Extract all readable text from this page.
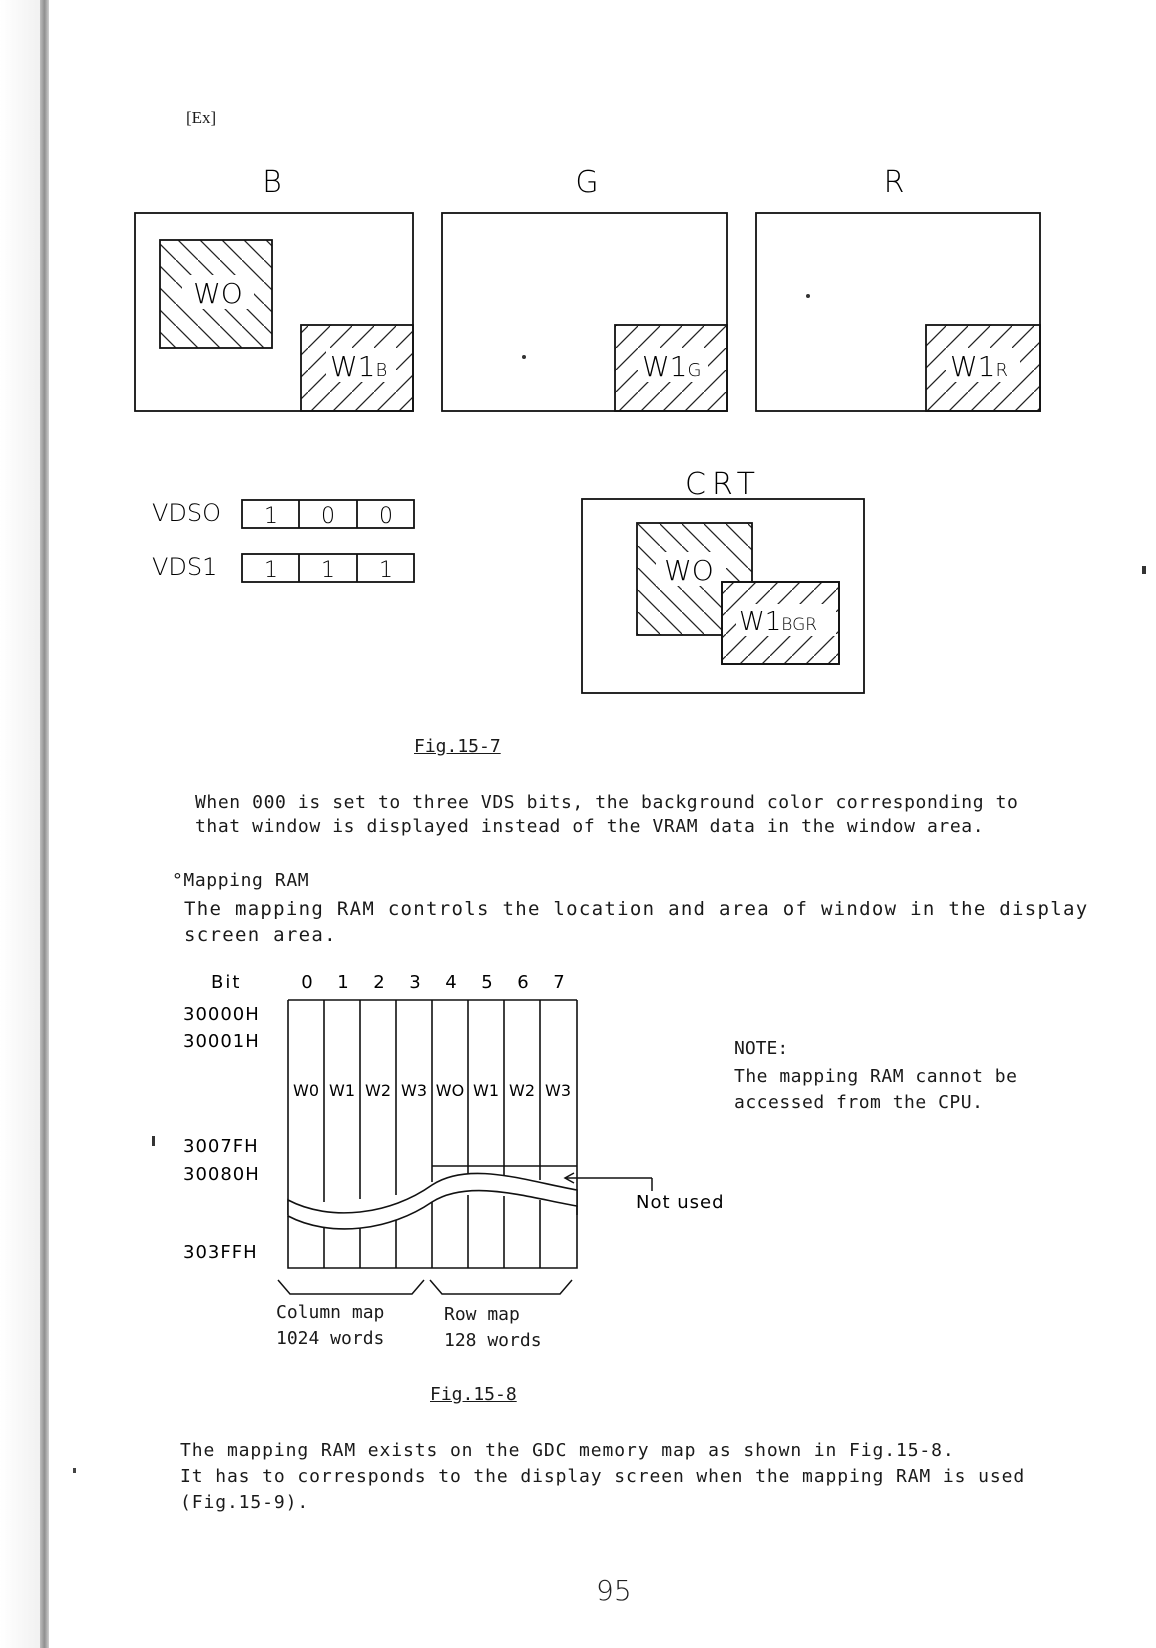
[Ex]
B	G	R
WO
W1B	W1G	W1R
VDSO 1 0 0
VDS1 1 1 1
CRT
WO
W1BGR
Fig.15-7
When 000 is set to three VDS bits, the background color corresponding to
that window is displayed instead of the VRAM data in the window area.
°Mapping RAM
The mapping RAM controls the location and area of window in the display
screen area.
Bit	0 1 2 3 4 5 6 7
30000H
30001H
3007FH
30080H
303FFH
W0 W1 W2 W3 WO W1 W2 W3
Not used
Column map
1024 words
Row map
128 words
NOTE:
The mapping RAM cannot be
accessed from the CPU.
Fig.15-8
The mapping RAM exists on the GDC memory map as shown in Fig.15-8.
It has to corresponds to the display screen when the mapping RAM is used
(Fig.15-9).
95
